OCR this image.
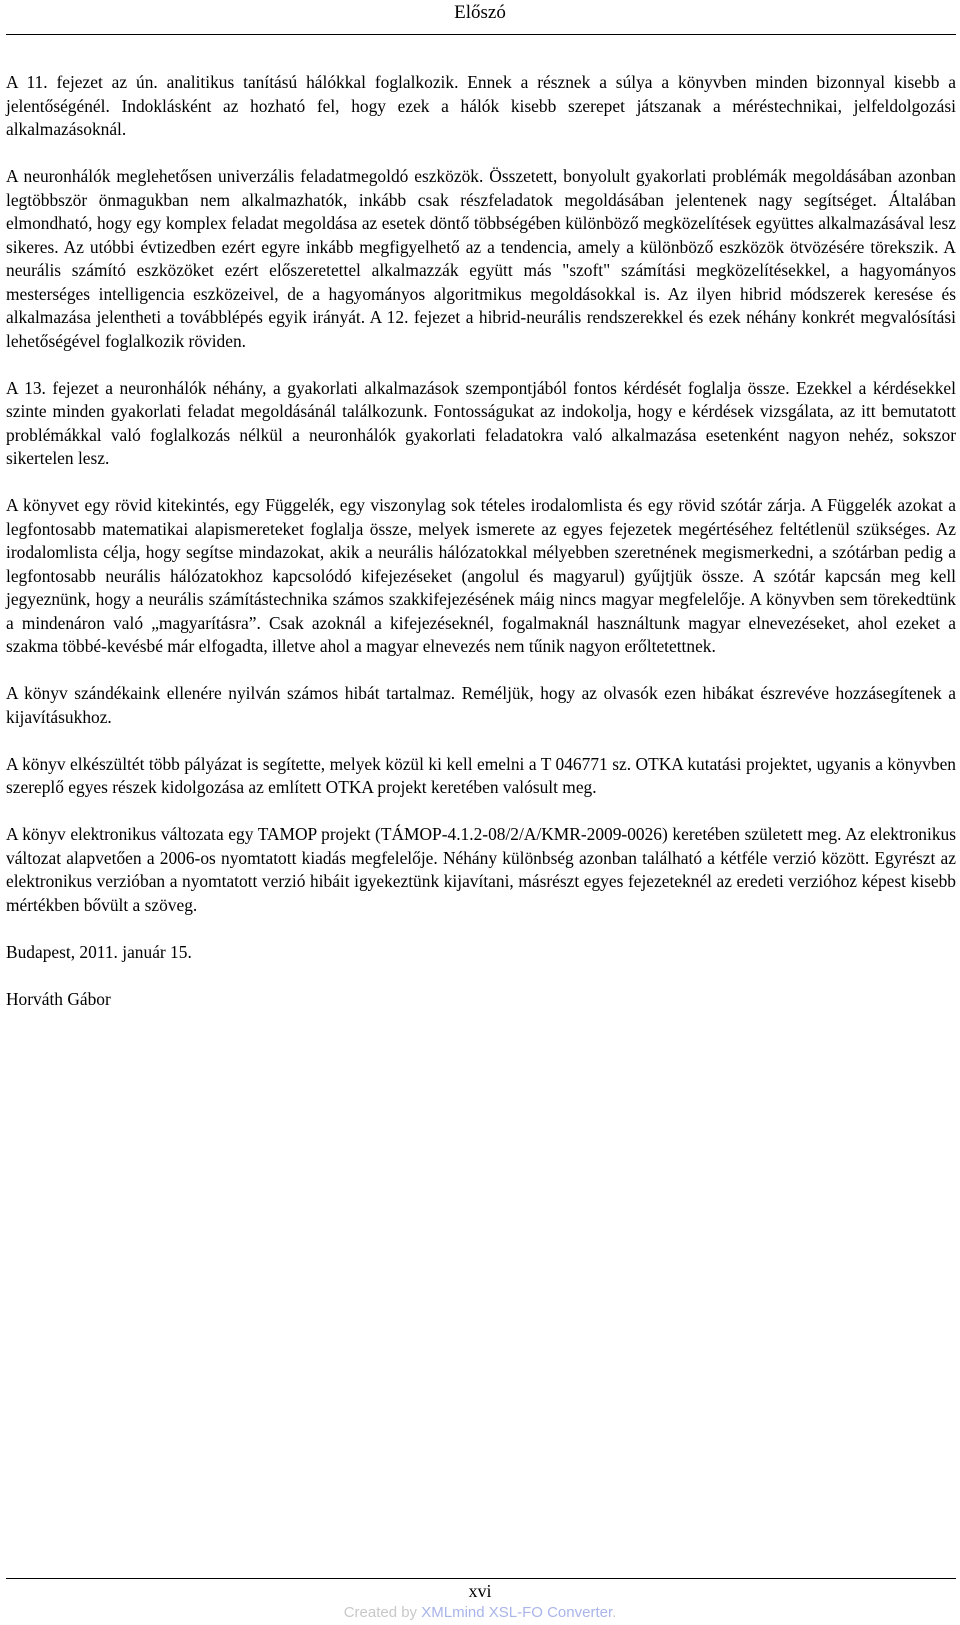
Előszó

A 11. fejezet az ún. analitikus tanítású hálókkal foglalkozik. Ennek a résznek a súlya a könyvben minden bizonnyal kisebb a jelentőségénél. Indoklásként az hozható fel, hogy ezek a hálók kisebb szerepet játszanak a méréstechnikai, jelfeldolgozási alkalmazásoknál.

A neuronhálók meglehetősen univerzális feladatmegoldó eszközök. Összetett, bonyolult gyakorlati problémák megoldásában azonban legtöbbször önmagukban nem alkalmazhatók, inkább csak részfeladatok megoldásában jelentenek nagy segítséget. Általában elmondható, hogy egy komplex feladat megoldása az esetek döntő többségében különböző megközelítések együttes alkalmazásával lesz sikeres. Az utóbbi évtizedben ezért egyre inkább megfigyelhető az a tendencia, amely a különböző eszközök ötvözésére törekszik. A neurális számító eszközöket ezért előszeretettel alkalmazzák együtt más "szoft" számítási megközelítésekkel, a hagyományos mesterséges intelligencia eszközeivel, de a hagyományos algoritmikus megoldásokkal is. Az ilyen hibrid módszerek keresése és alkalmazása jelentheti a továbblépés egyik irányát. A 12. fejezet a hibrid-neurális rendszerekkel és ezek néhány konkrét megvalósítási lehetőségével foglalkozik röviden.

A 13. fejezet a neuronhálók néhány, a gyakorlati alkalmazások szempontjából fontos kérdését foglalja össze. Ezekkel a kérdésekkel szinte minden gyakorlati feladat megoldásánál találkozunk. Fontosságukat az indokolja, hogy e kérdések vizsgálata, az itt bemutatott problémákkal való foglalkozás nélkül a neuronhálók gyakorlati feladatokra való alkalmazása esetenként nagyon nehéz, sokszor sikertelen lesz.

A könyvet egy rövid kitekintés, egy Függelék, egy viszonylag sok tételes irodalomlista és egy rövid szótár zárja. A Függelék azokat a legfontosabb matematikai alapismereteket foglalja össze, melyek ismerete az egyes fejezetek megértéséhez feltétlenül szükséges. Az irodalomlista célja, hogy segítse mindazokat, akik a neurális hálózatokkal mélyebben szeretnének megismerkedni, a szótárban pedig a legfontosabb neurális hálózatokhoz kapcsolódó kifejezéseket (angolul és magyarul) gyűjtjük össze. A szótár kapcsán meg kell jegyeznünk, hogy a neurális számítástechnika számos szakkifejezésének máig nincs magyar megfelelője. A könyvben sem törekedtünk a mindenáron való „magyarításra”. Csak azoknál a kifejezéseknél, fogalmaknál használtunk magyar elnevezéseket, ahol ezeket a szakma többé-kevésbé már elfogadta, illetve ahol a magyar elnevezés nem tűnik nagyon erőltetettnek.

A könyv szándékaink ellenére nyilván számos hibát tartalmaz. Reméljük, hogy az olvasók ezen hibákat észrevéve hozzásegítenek a kijavításukhoz.

A könyv elkészültét több pályázat is segítette, melyek közül ki kell emelni a T 046771 sz. OTKA kutatási projektet, ugyanis a könyvben szereplő egyes részek kidolgozása az említett OTKA projekt keretében valósult meg.

A könyv elektronikus változata egy TAMOP projekt (TÁMOP-4.1.2-08/2/A/KMR-2009-0026) keretében született meg. Az elektronikus változat alapvetően a 2006-os nyomtatott kiadás megfelelője. Néhány különbség azonban található a kétféle verzió között. Egyrészt az elektronikus verzióban a nyomtatott verzió hibáit igyekeztünk kijavítani, másrészt egyes fejezeteknél az eredeti verzióhoz képest kisebb mértékben bővült a szöveg.

Budapest, 2011. január 15.

Horváth Gábor

xvi
Created by XMLmind XSL-FO Converter.
